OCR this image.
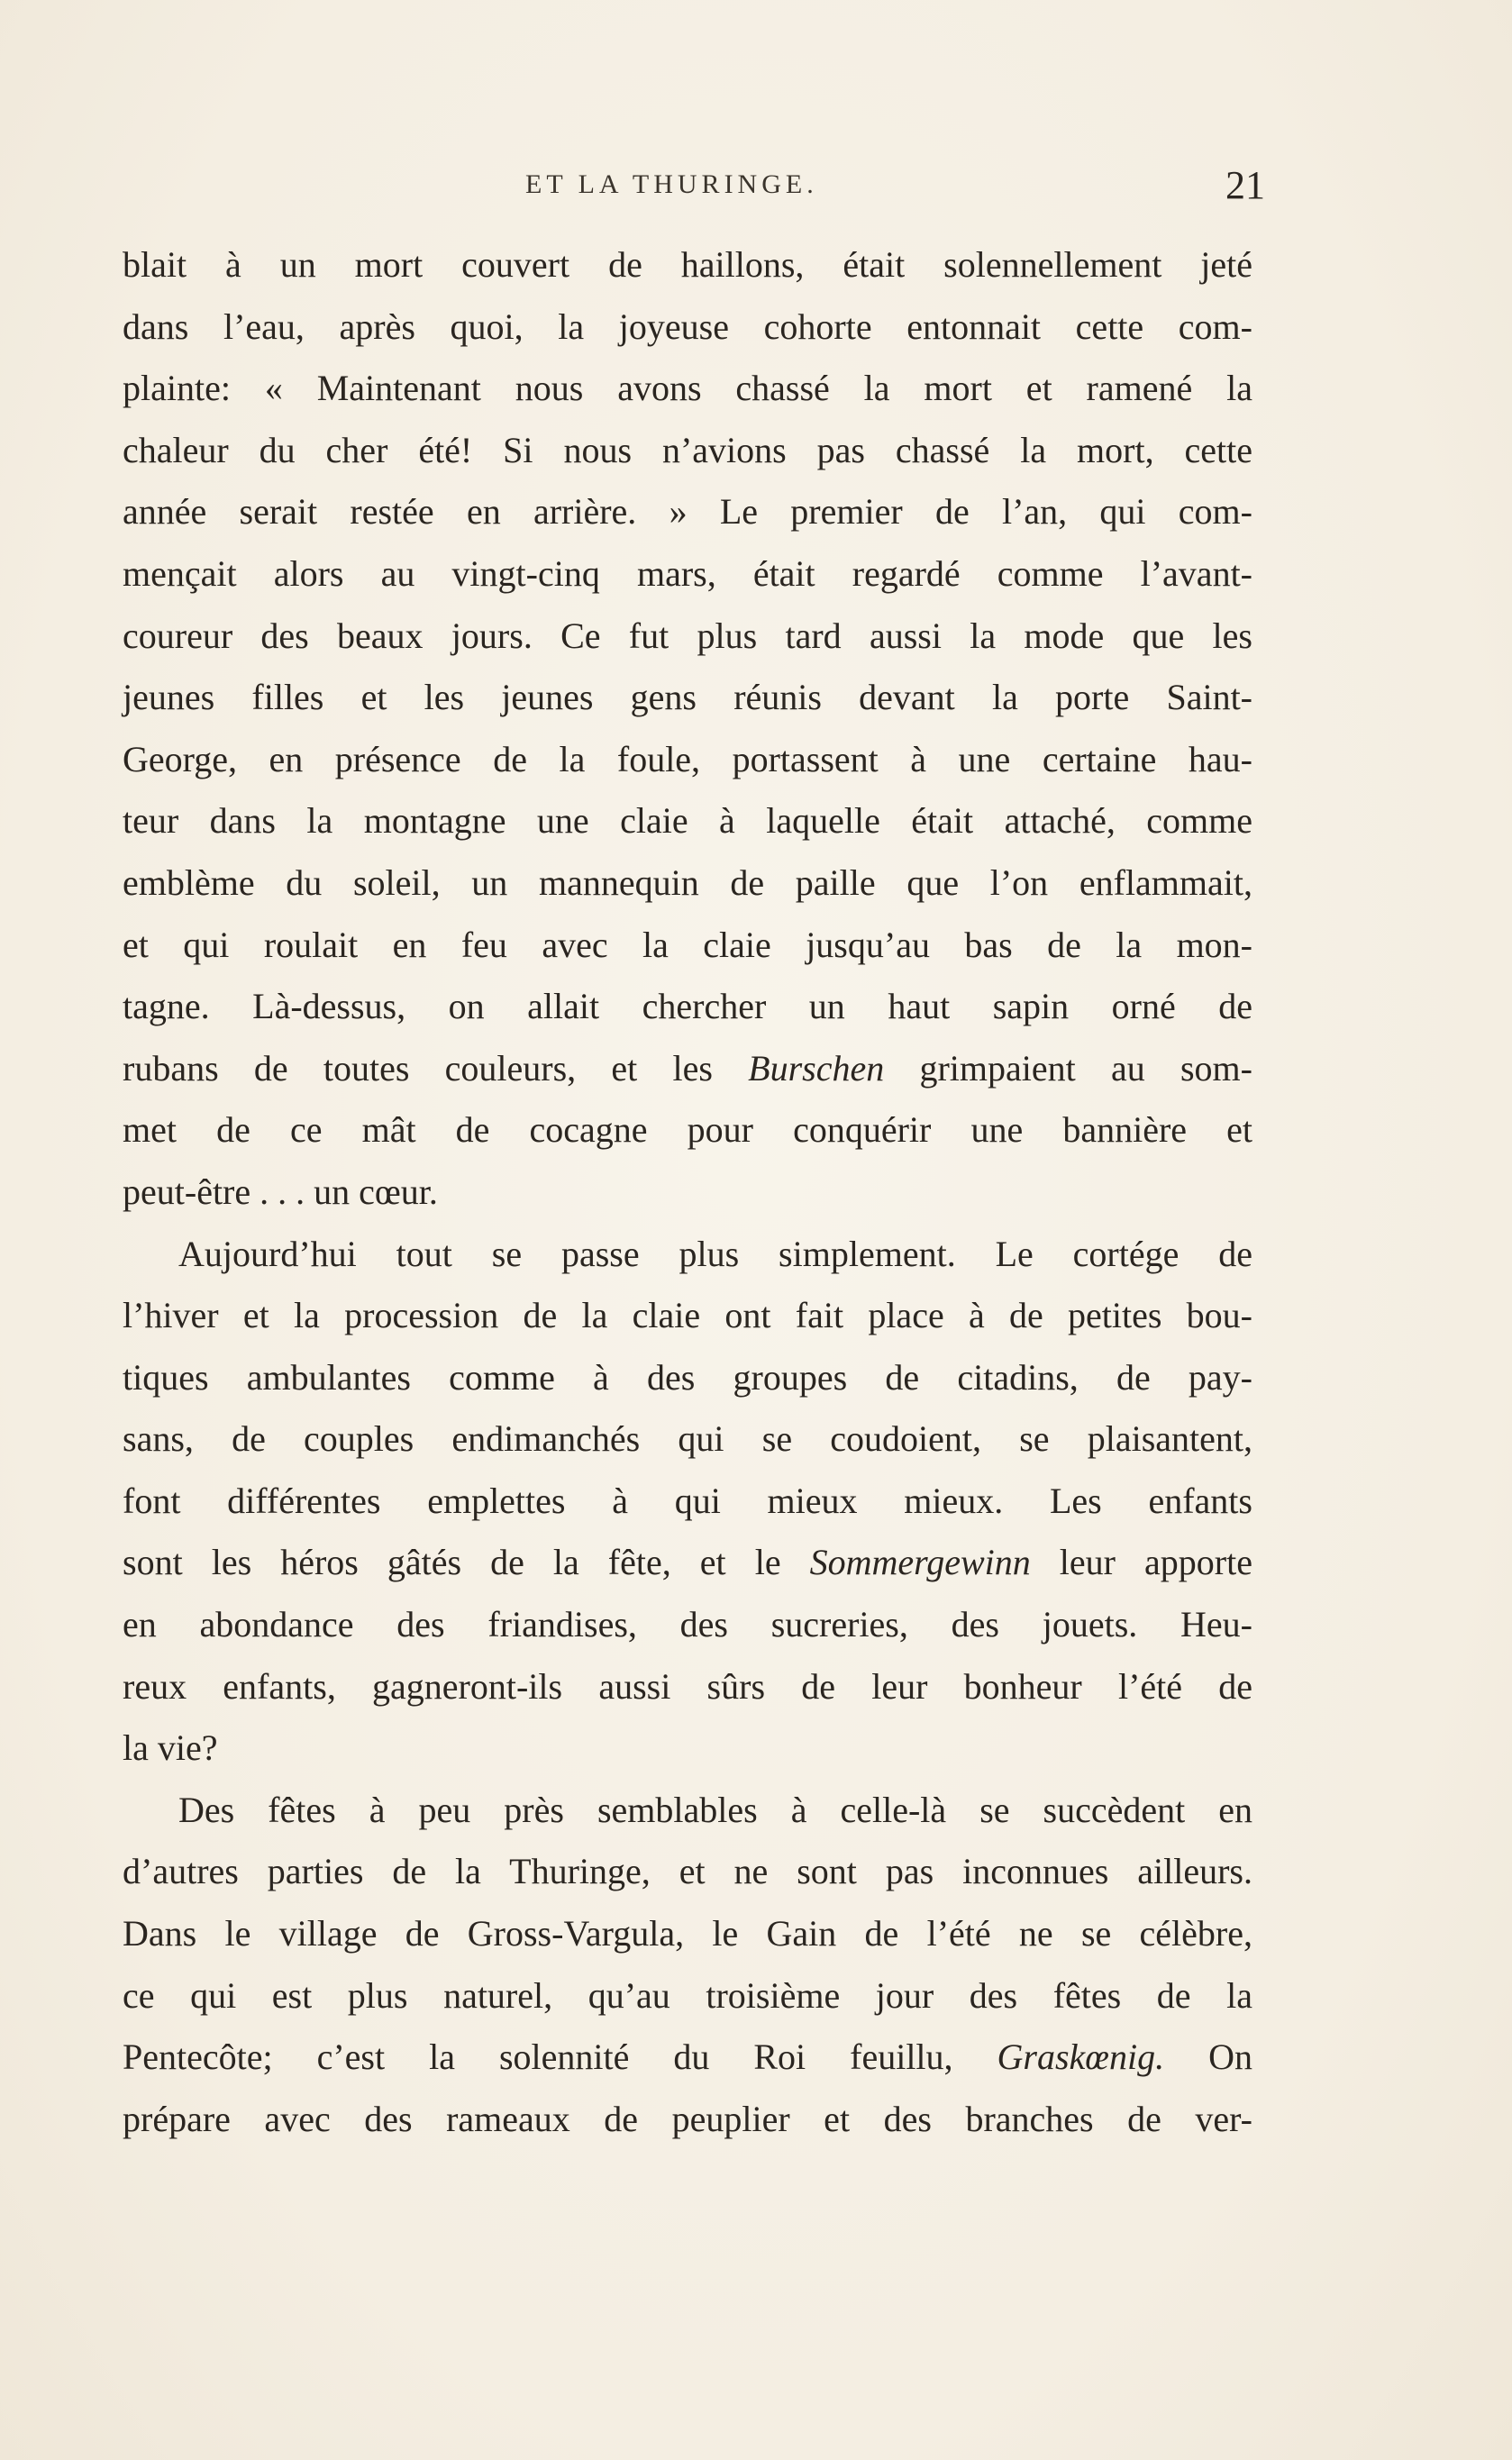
ET LA THURINGE.	21
blait à un mort couvert de haillons, était solennellement jeté
dans l’eau, après quoi, la joyeuse cohorte entonnait cette com-
plainte: « Maintenant nous avons chassé la mort et ramené la
chaleur du cher été! Si nous n’avions pas chassé la mort, cette
année serait restée en arrière. » Le premier de l’an, qui com-
mençait alors au vingt-cinq mars, était regardé comme l’avant-
coureur des beaux jours. Ce fut plus tard aussi la mode que les
jeunes filles et les jeunes gens réunis devant la porte Saint-
George, en présence de la foule, portassent à une certaine hau-
teur dans la montagne une claie à laquelle était attaché, comme
emblème du soleil, un mannequin de paille que l’on enflammait,
et qui roulait en feu avec la claie jusqu’au bas de la mon-
tagne. Là-dessus, on allait chercher un haut sapin orné de
rubans de toutes couleurs, et les Burschen grimpaient au som-
met de ce mât de cocagne pour conquérir une bannière et
peut-être . . . un cœur.
Aujourd’hui tout se passe plus simplement. Le cortége de
l’hiver et la procession de la claie ont fait place à de petites bou-
tiques ambulantes comme à des groupes de citadins, de pay-
sans, de couples endimanchés qui se coudoient, se plaisantent,
font différentes emplettes à qui mieux mieux. Les enfants
sont les héros gâtés de la fête, et le Sommergewinn leur apporte
en abondance des friandises, des sucreries, des jouets. Heu-
reux enfants, gagneront-ils aussi sûrs de leur bonheur l’été de
la vie?
Des fêtes à peu près semblables à celle-là se succèdent en
d’autres parties de la Thuringe, et ne sont pas inconnues ailleurs.
Dans le village de Gross-Vargula, le Gain de l’été ne se célèbre,
ce qui est plus naturel, qu’au troisième jour des fêtes de la
Pentecôte; c’est la solennité du Roi feuillu, Graskœnig. On
prépare avec des rameaux de peuplier et des branches de ver-
